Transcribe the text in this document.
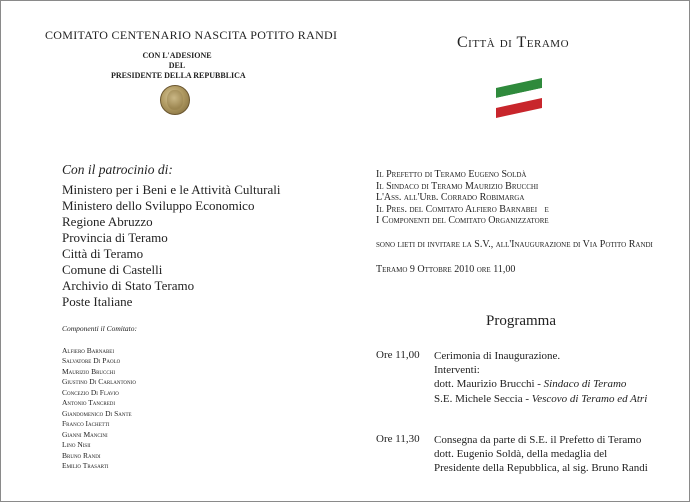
COMITATO CENTENARIO NASCITA POTITO RANDI
CON L'ADESIONE
DEL
PRESIDENTE DELLA REPUBBLICA
Con il patrocinio di:
Ministero per i Beni e le Attività Culturali
Ministero dello Sviluppo Economico
Regione Abruzzo
Provincia di Teramo
Città di Teramo
Comune di Castelli
Archivio di Stato Teramo
Poste Italiane
Componenti il Comitato:
Alfiero Barnabei
Salvatore Di Paolo
Maurizio Brucchi
Giustino Di Carlantonio
Concezio Di Flavio
Antonio Tancredi
Giandomenico Di Sante
Franco Iachetti
Gianni Mancini
Lino Nisii
Bruno Randi
Emilio Trasarti
Città di Teramo
Il Prefetto di Teramo Eugeno Soldà
Il Sindaco di Teramo Maurizio Brucchi
L'Ass. all'Urb. Corrado Robimarga
Il Pres. del Comitato Alfiero Barnabei   e
I Componenti del Comitato Organizzatore
sono lieti di invitare la S.V., all'Inaugurazione di Via Potito Randi
Teramo 9 Ottobre 2010 ore 11,00
Programma
Ore 11,00 Cerimonia di Inaugurazione.
Interventi:
dott. Maurizio Brucchi - Sindaco di Teramo
S.E. Michele Seccia - Vescovo di Teramo ed Atri
Ore 11,30 Consegna da parte di S.E. il Prefetto di Teramo
dott. Eugenio Soldà, della medaglia del
Presidente della Repubblica, al sig. Bruno Randi
